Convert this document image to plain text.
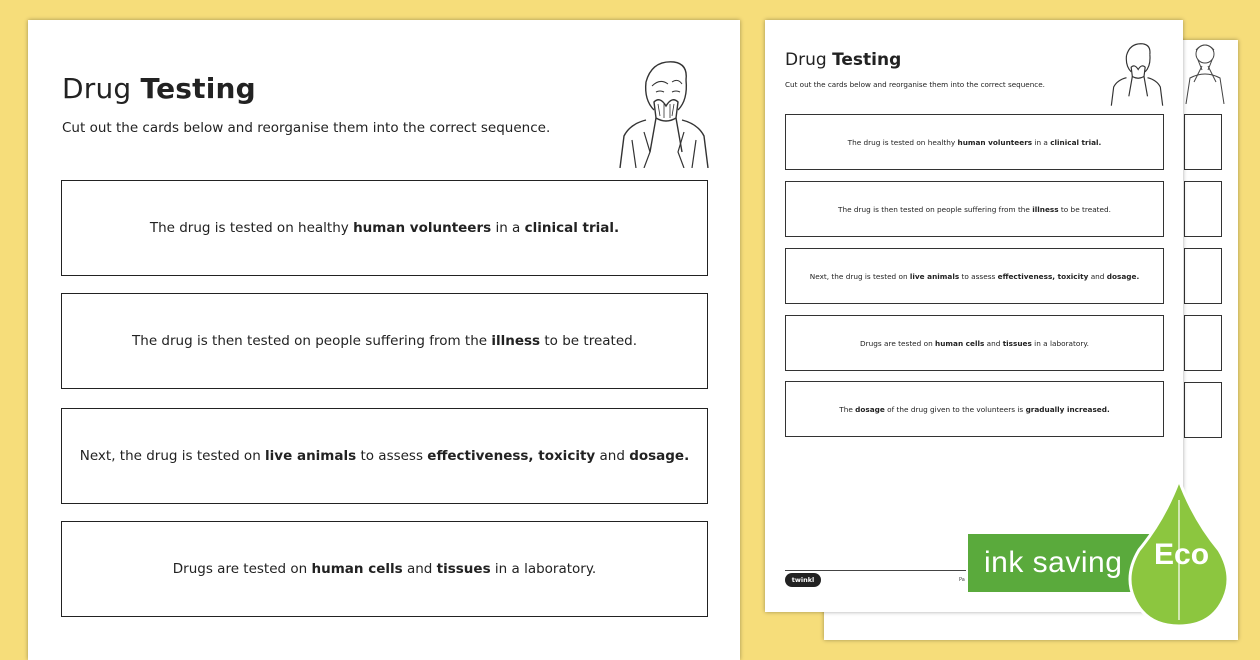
Drug Testing
Cut out the cards below and reorganise them into the correct sequence.
The drug is tested on healthy human volunteers in a clinical trial.
The drug is then tested on people suffering from the illness to be treated.
Next, the drug is tested on live animals to assess effectiveness, toxicity and dosage.
Drugs are tested on human cells and tissues in a laboratory.
Drug Testing
Cut out the cards below and reorganise them into the correct sequence.
The drug is tested on healthy human volunteers in a clinical trial.
The drug is then tested on people suffering from the illness to be treated.
Next, the drug is tested on live animals to assess effectiveness, toxicity and dosage.
Drugs are tested on human cells and tissues in a laboratory.
The dosage of the drug given to the volunteers is gradually increased.
twinkl	Pa
ink saving Eco
